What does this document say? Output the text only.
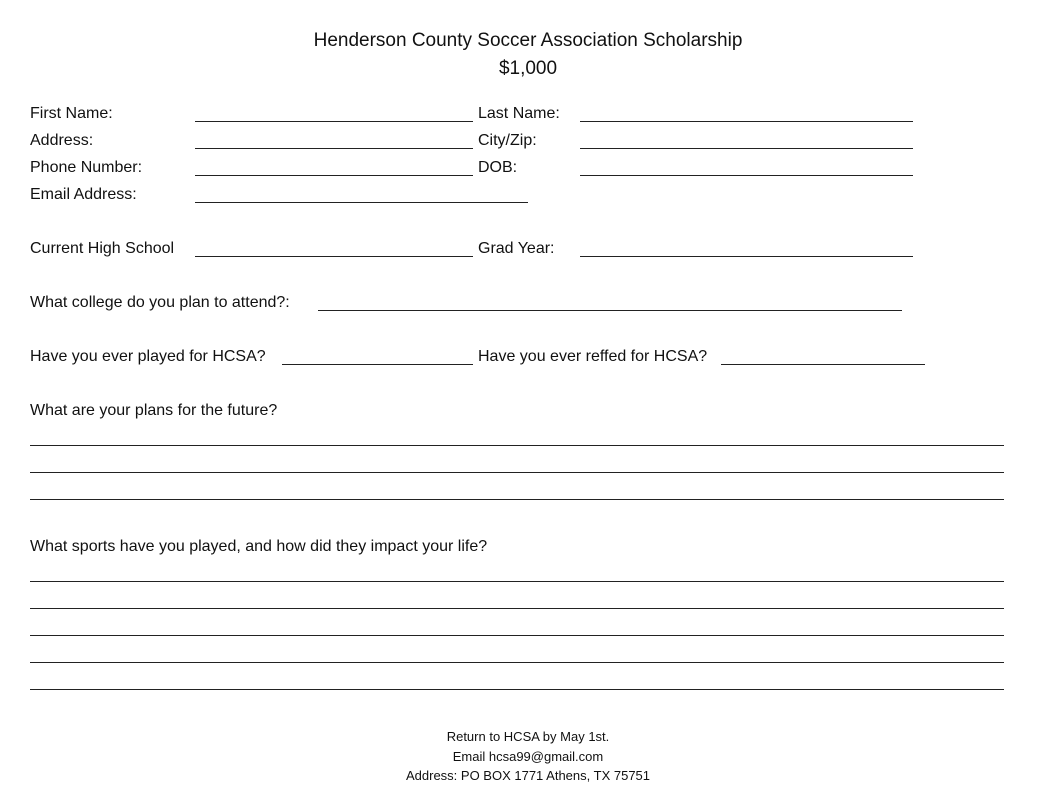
Henderson County Soccer Association Scholarship
$1,000
First Name:	Last Name:
Address:	City/Zip:
Phone Number:	DOB:
Email Address:
Current High School	Grad Year:
What college do you plan to attend?:
Have you ever played for HCSA?	Have you ever reffed for HCSA?
What are your plans for the future?
What sports have you played, and how did they impact your life?
Return to HCSA by May 1st.
Email hcsa99@gmail.com
Address: PO BOX 1771 Athens, TX 75751
